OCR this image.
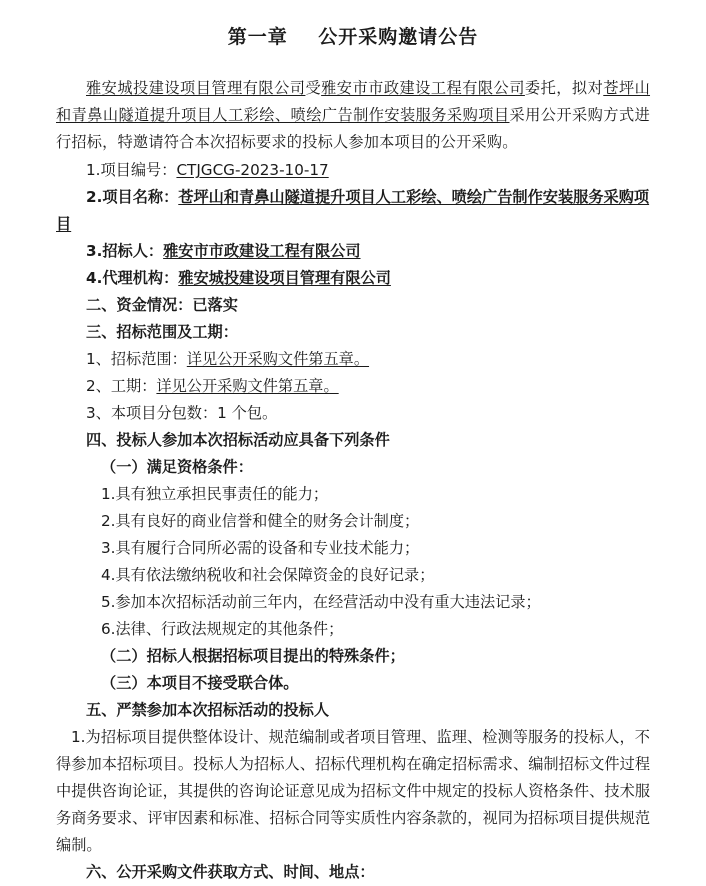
第一章    公开采购邀请公告

雅安城投建设项目管理有限公司受雅安市市政建设工程有限公司委托，拟对苍坪山和青鼻山隧道提升项目人工彩绘、喷绘广告制作安装服务采购项目采用公开采购方式进行招标，特邀请符合本次招标要求的投标人参加本项目的公开采购。

1.项目编号：CTJGCG-2023-10-17

2.项目名称：苍坪山和青鼻山隧道提升项目人工彩绘、喷绘广告制作安装服务采购项目

3.招标人：雅安市市政建设工程有限公司

4.代理机构：雅安城投建设项目管理有限公司

二、资金情况：已落实

三、招标范围及工期：

1、招标范围：详见公开采购文件第五章。

2、工期：详见公开采购文件第五章。

3、本项目分包数：1 个包。

四、投标人参加本次招标活动应具备下列条件

（一）满足资格条件：

1.具有独立承担民事责任的能力；

2.具有良好的商业信誉和健全的财务会计制度；

3.具有履行合同所必需的设备和专业技术能力；

4.具有依法缴纳税收和社会保障资金的良好记录；

5.参加本次招标活动前三年内，在经营活动中没有重大违法记录；

6.法律、行政法规规定的其他条件；

（二）招标人根据招标项目提出的特殊条件；

（三）本项目不接受联合体。

五、严禁参加本次招标活动的投标人

1.为招标项目提供整体设计、规范编制或者项目管理、监理、检测等服务的投标人，不得参加本招标项目。投标人为招标人、招标代理机构在确定招标需求、编制招标文件过程中提供咨询论证，其提供的咨询论证意见成为招标文件中规定的投标人资格条件、技术服务商务要求、评审因素和标准、招标合同等实质性内容条款的，视同为招标项目提供规范编制。

六、公开采购文件获取方式、时间、地点：
